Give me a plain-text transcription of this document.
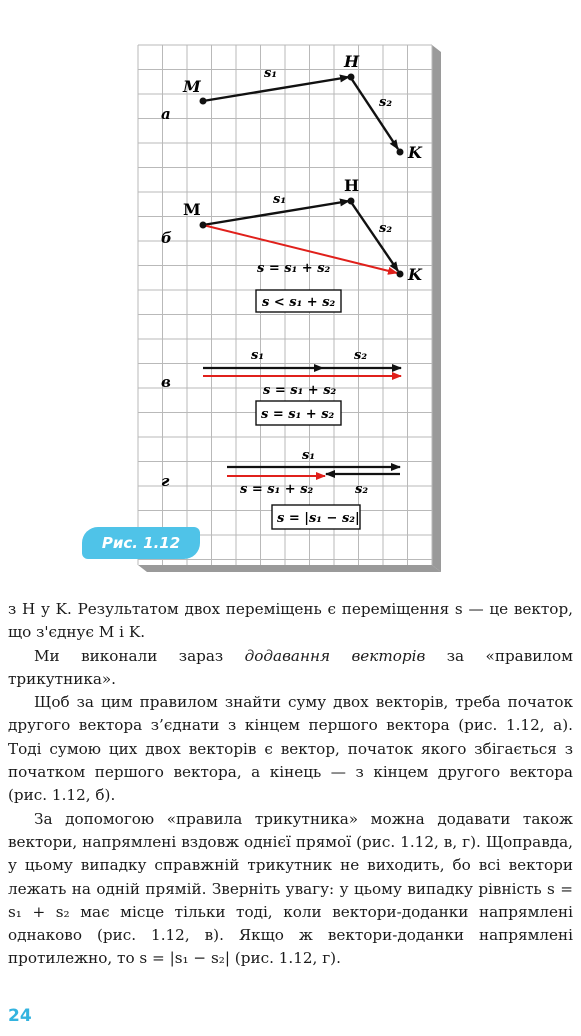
а
б
в
г
M
H
K
s₁
s₂
M
H
K
s₁
s₂
s = s₁ + s₂
s < s₁ + s₂
s₁	s₂
s = s₁ + s₂
s = s₁ + s₂
s₁
s₂
s = s₁ + s₂
s = |s₁ − s₂|
Рис. 1.12

з H у K. Результатом двох переміщень є переміщення s — це вектор, що з'єднує M і K.

Ми виконали зараз додавання векторів за «правилом трикутника».

Щоб за цим правилом знайти суму двох векторів, треба початок другого вектора з’єднати з кінцем першого вектора (рис. 1.12, а). Тоді сумою цих двох векторів є вектор, початок якого збігається з початком першого вектора, а кінець — з кінцем другого вектора (рис. 1.12, б).

За допомогою «правила трикутника» можна додавати також вектори, напрямлені вздовж однієї прямої (рис. 1.12, в, г). Щоправда, у цьому випадку справжній трикутник не виходить, бо всі вектори лежать на одній прямій. Зверніть увагу: у цьому випадку рівність s = s₁ + s₂ має місце тільки тоді, коли вектори-доданки напрямлені однаково (рис. 1.12, в). Якщо ж вектори-доданки напрямлені протилежно, то s = |s₁ − s₂| (рис. 1.12, г).

24
